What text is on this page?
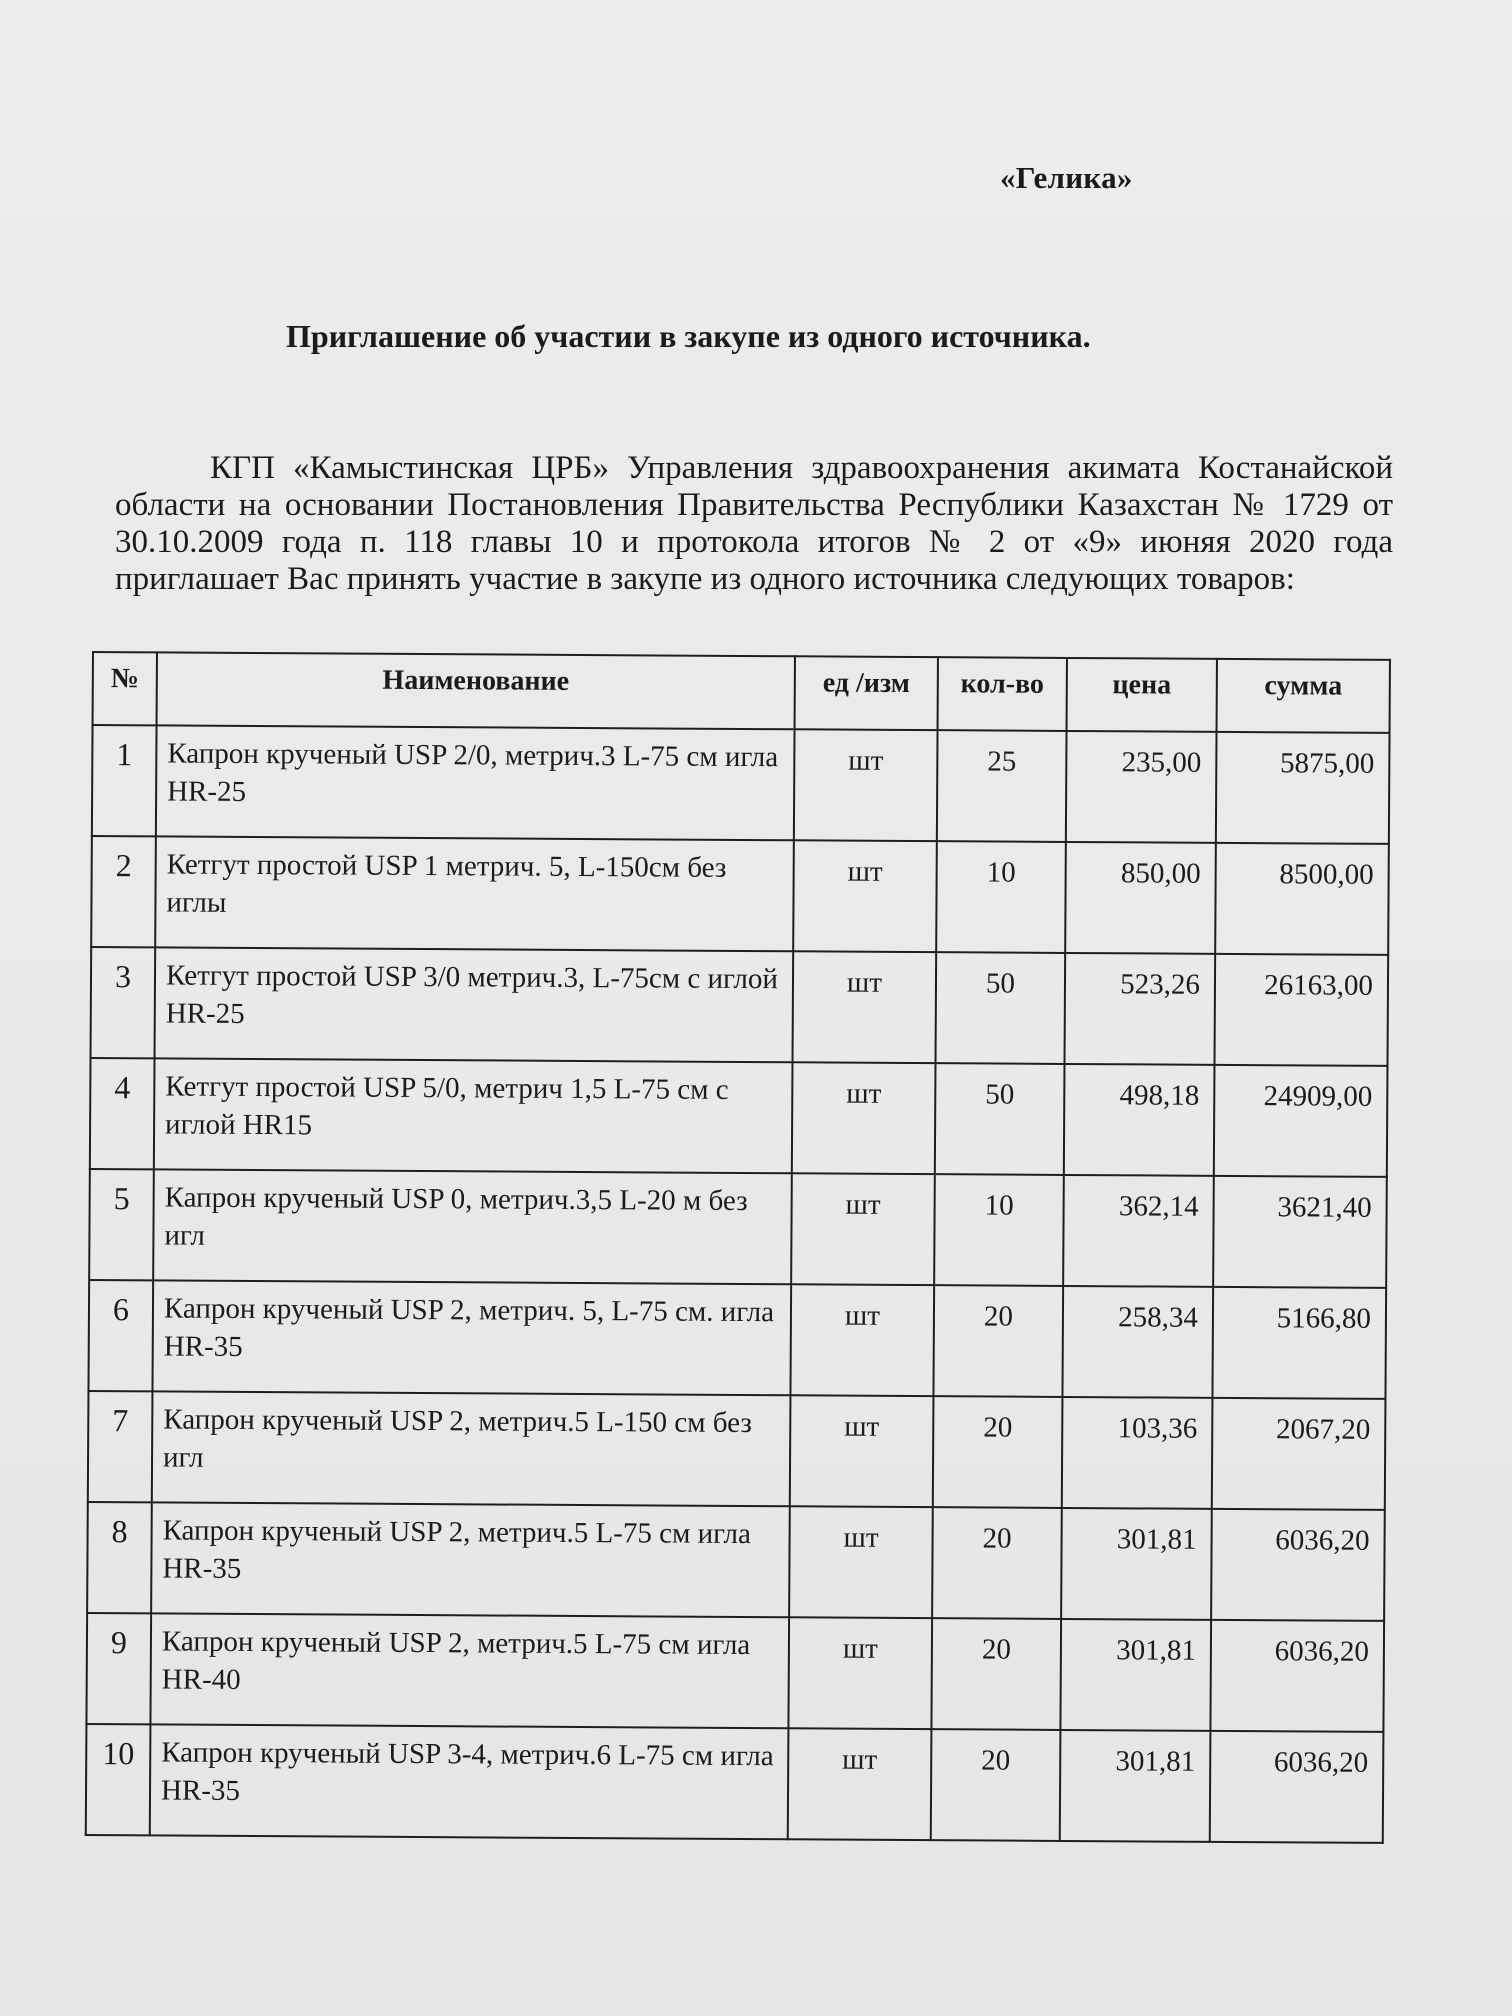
«Гелика»
Приглашение об участии в закупе из одного источника.

КГП «Камыстинская ЦРБ» Управления здравоохранения акимата Костанайской области на основании Постановления Правительства Республики Казахстан № 1729 от 30.10.2009 года п. 118 главы 10 и протокола итогов № 2 от «9» июняя 2020 года приглашает Вас принять участие в закупе из одного источника следующих товаров:

№	Наименование	ед /изм	кол-во	цена	сумма
1	Капрон крученый USP 2/0, метрич.3 L-75 см игла HR-25	шт	25	235,00	5875,00
2	Кетгут простой USP 1 метрич. 5, L-150см без иглы	шт	10	850,00	8500,00
3	Кетгут простой USP 3/0 метрич.3, L-75см с иглой HR-25	шт	50	523,26	26163,00
4	Кетгут простой USP 5/0, метрич 1,5 L-75 см с иглой HR15	шт	50	498,18	24909,00
5	Капрон крученый USP 0, метрич.3,5 L-20 м без игл	шт	10	362,14	3621,40
6	Капрон крученый USP 2, метрич. 5, L-75 см. игла HR-35	шт	20	258,34	5166,80
7	Капрон крученый USP 2, метрич.5 L-150 см без игл	шт	20	103,36	2067,20
8	Капрон крученый USP 2, метрич.5 L-75 см игла HR-35	шт	20	301,81	6036,20
9	Капрон крученый USP 2, метрич.5 L-75 см игла HR-40	шт	20	301,81	6036,20
10	Капрон крученый USP 3-4, метрич.6 L-75 см игла HR-35	шт	20	301,81	6036,20
